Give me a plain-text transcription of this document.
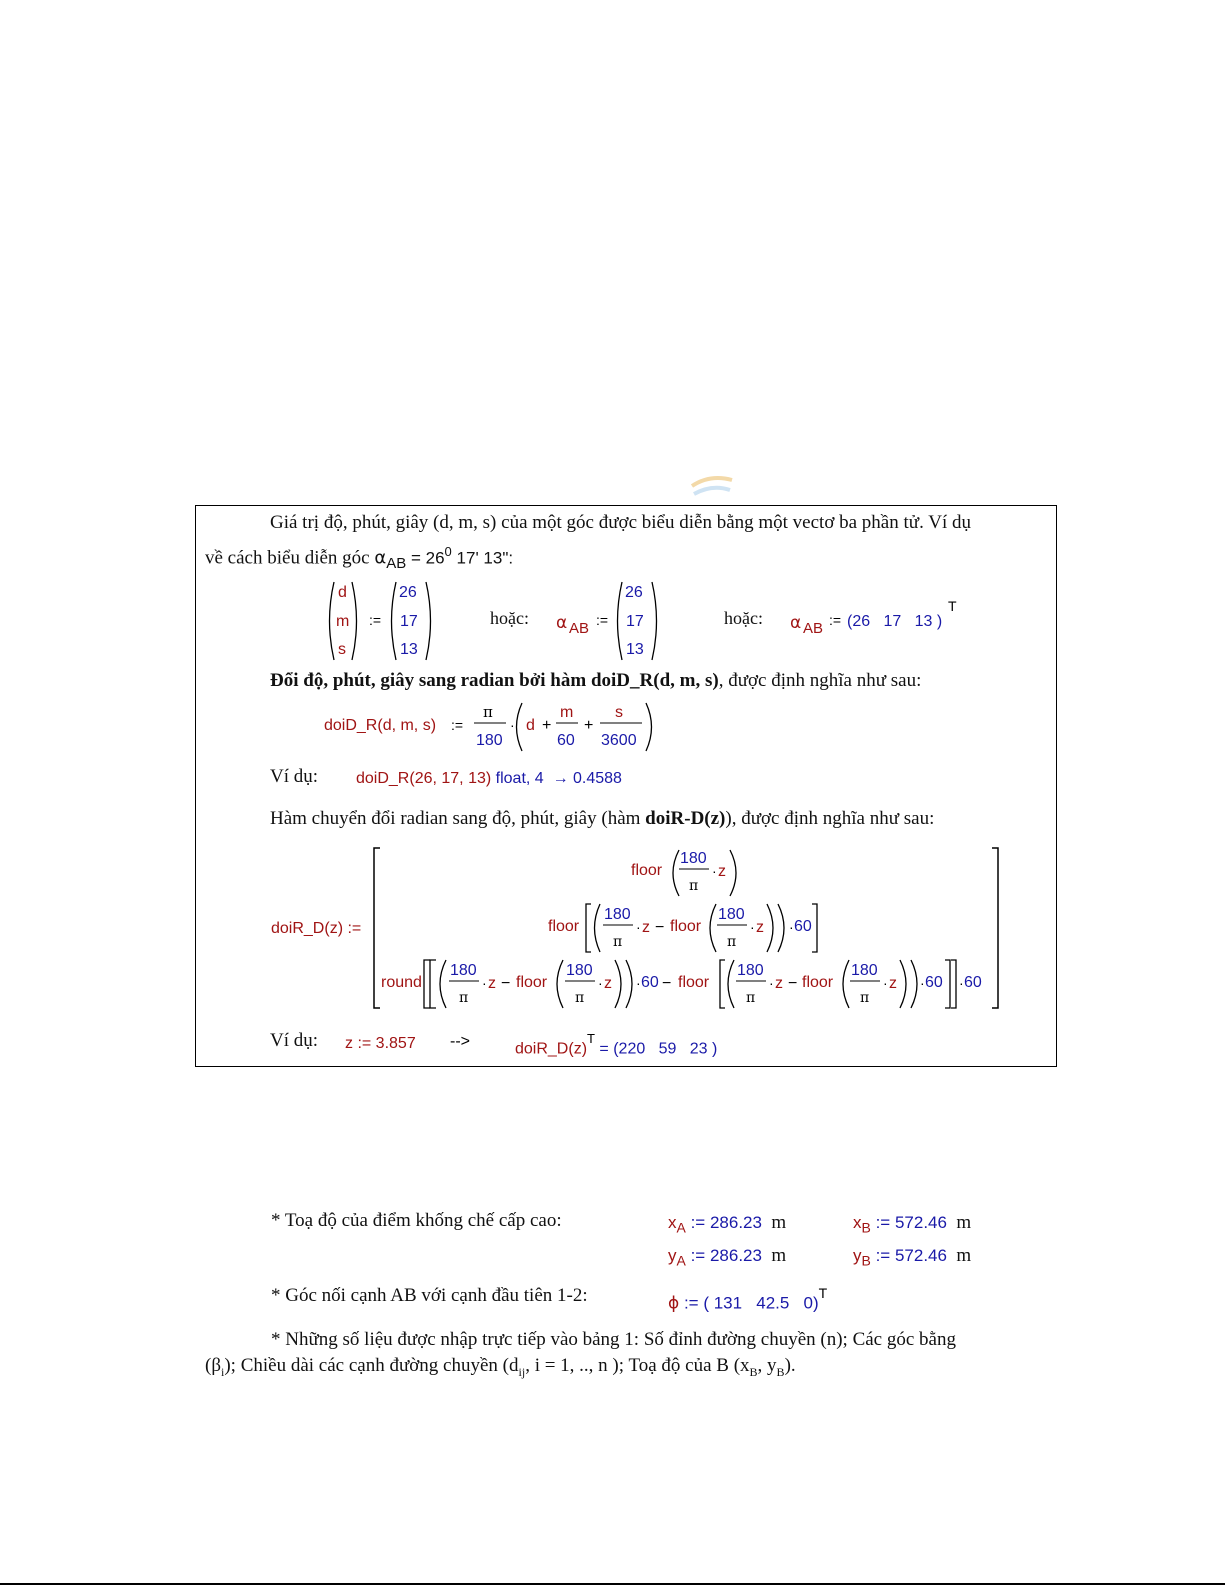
Giá trị độ, phút, giây (d, m, s) của một góc được biểu diễn bằng một vectơ ba phần tử. Ví dụ
về cách biểu diễn góc $\alpha_{AB} = 26^0$ 17' 13":
d
m
s
:=
26
17
13
hoặc: α AB :=
26
17
13
hoặc: α AB := (26   17   13 )
T
Đổi độ, phút, giây sang radian bởi hàm doiD_R(d, m, s), được định nghĩa như sau:
doiD_R(d, m, s) :=
π
180
· d +
m
60
+
s
3600
Ví dụ: doiD_R(26, 17, 13) float, 4 → 0.4588
Hàm chuyển đổi radian sang độ, phút, giây (hàm doiR-D(z)), được định nghĩa như sau:
doiR_D(z) :=
floor
180
π
· z
floor
180
π
· z − floor
180
π
· z · 60
round
180
π
· z − floor
180
π
· z · 60 − floor
180
π
· z − floor
180
π
· z · 60 · 60
Ví dụ: z := 3.857 -->	$doiR\_D(z)^T = (220$   59   23 )
* Toạ độ của điểm khống chế cấp cao:	$x_A$ := 286.23 m	$x_B$ := 572.46 m
$y_A$ := 286.23 m	$y_B$ := 572.46 m
* Góc nối cạnh AB với cạnh đầu tiên 1-2:	ϕ := ( 131   42.5   0)$^T$
* Những số liệu được nhập trực tiếp vào bảng 1: Số đỉnh đường chuyền (n); Các góc bằng
$(\beta_i)$; Chiều dài các cạnh đường chuyền ($d_{ij}$, i = 1, .., n ); Toạ độ của B ($x_B$, $y_B$).
